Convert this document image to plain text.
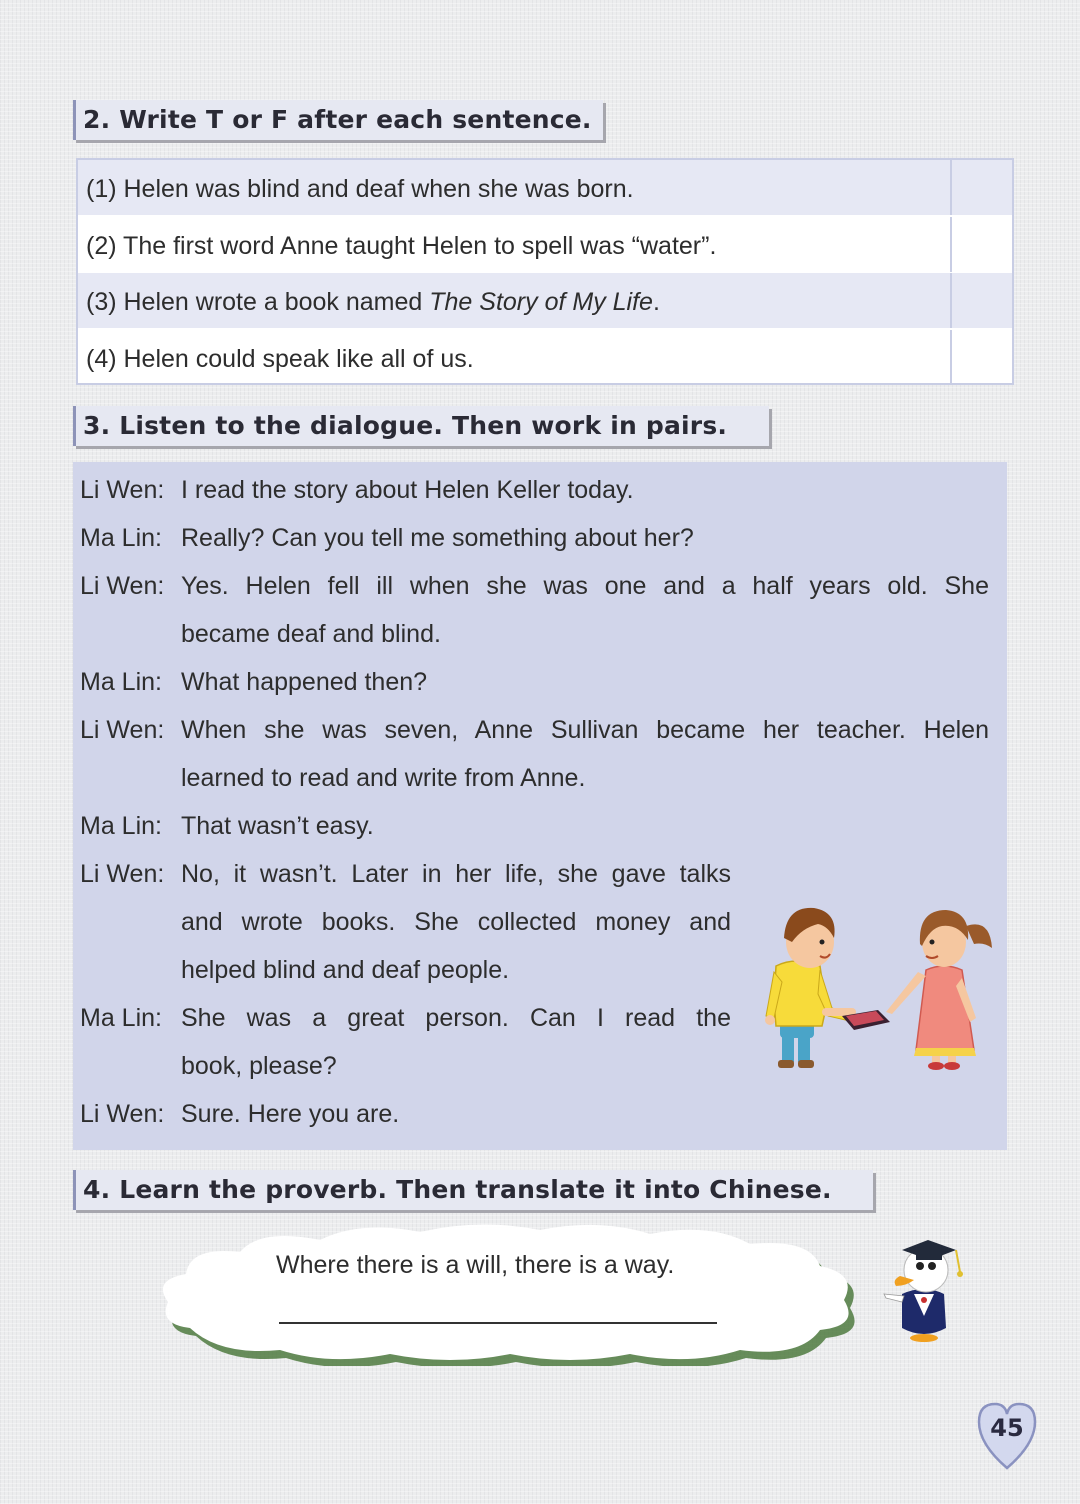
2. Write T or F after each sentence.
(1) Helen was blind and deaf when she was born.
(2) The first word Anne taught Helen to spell was “water”.
(3) Helen wrote a book named The Story of My Life.
(4) Helen could speak like all of us.
3. Listen to the dialogue. Then work in pairs.
Li Wen: I read the story about Helen Keller today.
Ma Lin: Really? Can you tell me something about her?
Li Wen: Yes. Helen fell ill when she was one and a half years old. She
became deaf and blind.
Ma Lin: What happened then?
Li Wen: When she was seven, Anne Sullivan became her teacher. Helen
learned to read and write from Anne.
Ma Lin: That wasn’t easy.
Li Wen: No, it wasn’t. Later in her life, she gave talks
and wrote books. She collected money and
helped blind and deaf people.
Ma Lin: She was a great person. Can I read the
book, please?
Li Wen: Sure. Here you are.
4. Learn the proverb. Then translate it into Chinese.
Where there is a will, there is a way.
45
